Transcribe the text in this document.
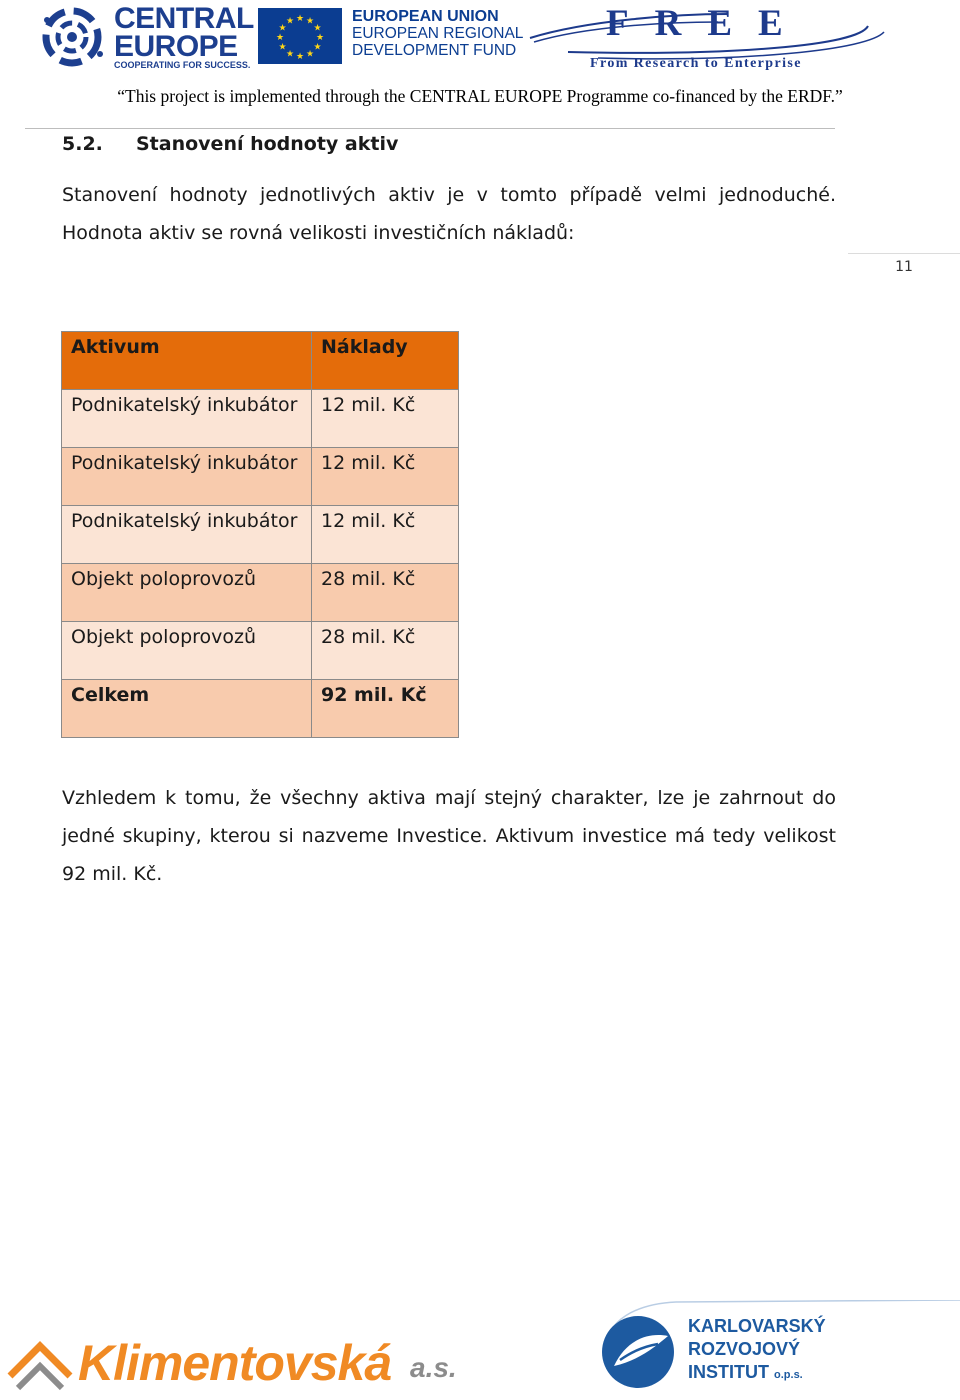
CENTRAL
EUROPE
COOPERATING FOR SUCCESS.
★ ★
★
★
★
★
★
★
★
★
★
★	EUROPEAN UNION
EUROPEAN REGIONAL
DEVELOPMENT FUND
FREE
From Research to Enterprise
“This project is implemented through the CENTRAL EUROPE Programme co-financed by the ERDF.”
5.2. Stanovení hodnoty aktiv
Stanovení hodnoty jednotlivých aktiv je v tomto případě velmi jednoduché. Hodnota aktiv se rovná velikosti investičních nákladů:
11
Aktivum	Náklady
Podnikatelský inkubátor	12 mil. Kč
Podnikatelský inkubátor	12 mil. Kč
Podnikatelský inkubátor	12 mil. Kč
Objekt poloprovozů	28 mil. Kč
Objekt poloprovozů	28 mil. Kč
Celkem	92 mil. Kč
Vzhledem k tomu, že všechny aktiva mají stejný charakter, lze je zahrnout do jedné skupiny, kterou si nazveme Investice. Aktivum investice má tedy velikost 92 mil. Kč.
Klimentovská a.s.
KARLOVARSKÝ
ROZVOJOVÝ
INSTITUT o.p.s.
